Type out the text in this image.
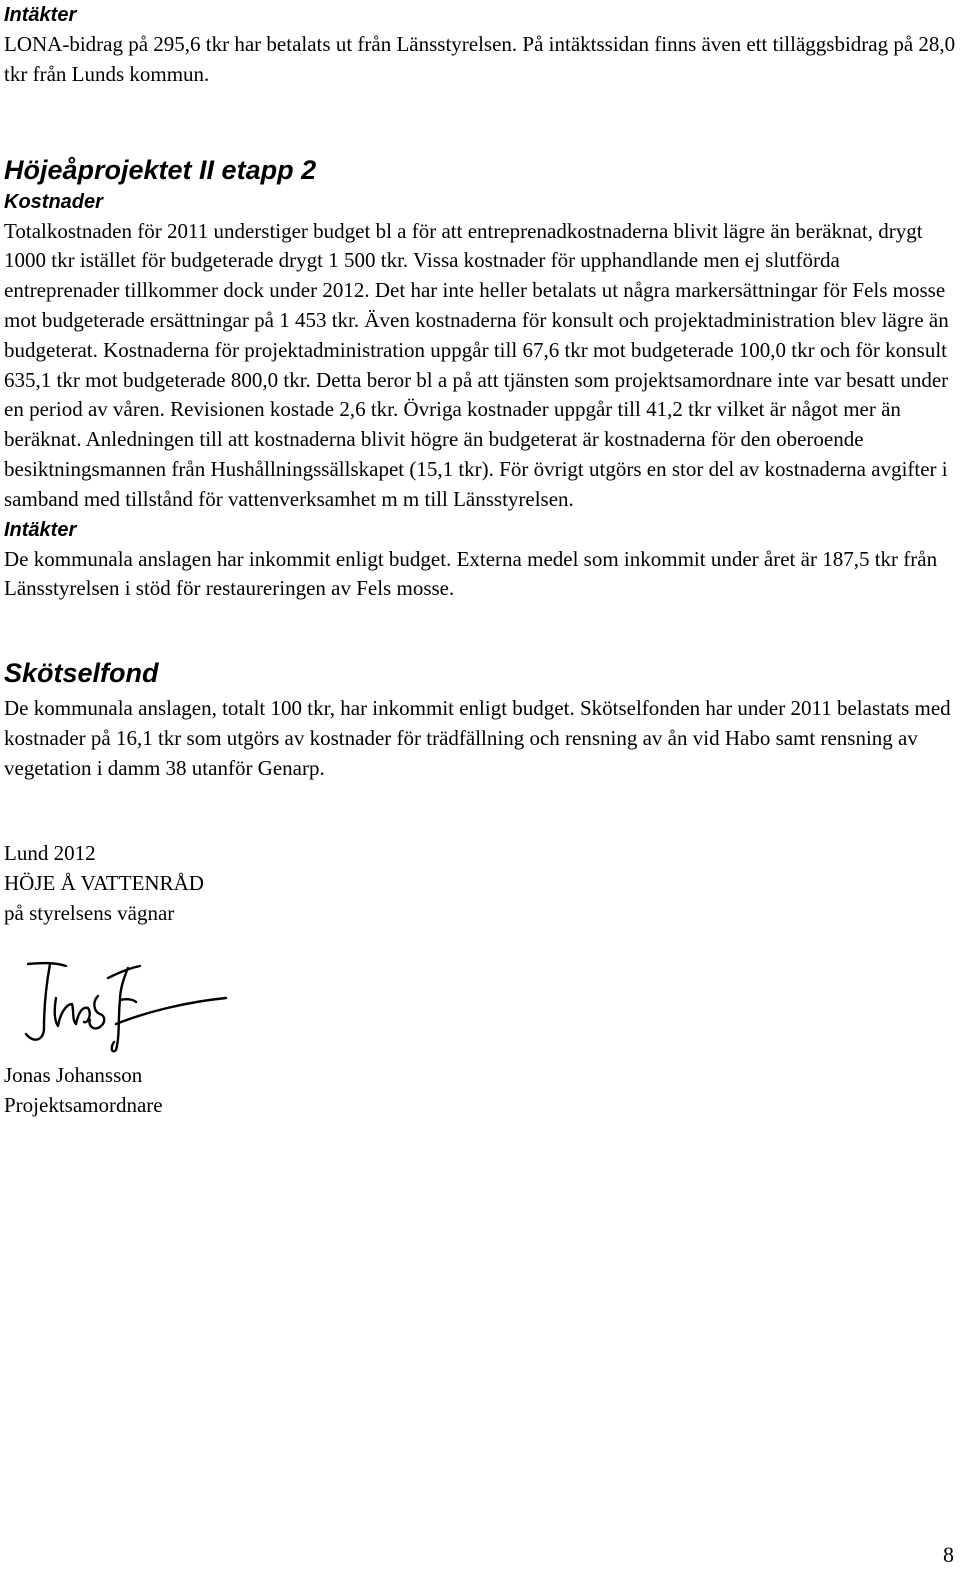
Intäkter

LONA-bidrag på 295,6 tkr har betalats ut från Länsstyrelsen. På intäktssidan finns även ett tilläggsbidrag på 28,0 tkr från Lunds kommun.

Höjeåprojektet II etapp 2
Kostnader

Totalkostnaden för 2011 understiger budget bl a för att entreprenadkostnaderna blivit lägre än beräknat, drygt 1000 tkr istället för budgeterade drygt 1 500 tkr. Vissa kostnader för upphandlande men ej slutförda entreprenader tillkommer dock under 2012. Det har inte heller betalats ut några markersättningar för Fels mosse mot budgeterade ersättningar på 1 453 tkr. Även kostnaderna för konsult och projektadministration blev lägre än budgeterat. Kostnaderna för projektadministration uppgår till 67,6 tkr mot budgeterade 100,0 tkr och för konsult 635,1 tkr mot budgeterade 800,0 tkr. Detta beror bl a på att tjänsten som projektsamordnare inte var besatt under en period av våren. Revisionen kostade 2,6 tkr. Övriga kostnader uppgår till 41,2 tkr vilket är något mer än beräknat. Anledningen till att kostnaderna blivit högre än budgeterat är kostnaderna för den oberoende besiktningsmannen från Hushållningssällskapet (15,1 tkr). För övrigt utgörs en stor del av kostnaderna avgifter i samband med tillstånd för vattenverksamhet m m till Länsstyrelsen.

Intäkter

De kommunala anslagen har inkommit enligt budget. Externa medel som inkommit under året är 187,5 tkr från Länsstyrelsen i stöd för restaureringen av Fels mosse.

Skötselfond

De kommunala anslagen, totalt 100 tkr, har inkommit enligt budget. Skötselfonden har under 2011 belastats med kostnader på 16,1 tkr som utgörs av kostnader för trädfällning och rensning av ån vid Habo samt rensning av vegetation i damm 38 utanför Genarp.

Lund 2012

HÖJE Å VATTENRÅD

på styrelsens vägnar

Jonas Johansson

Projektsamordnare

8
